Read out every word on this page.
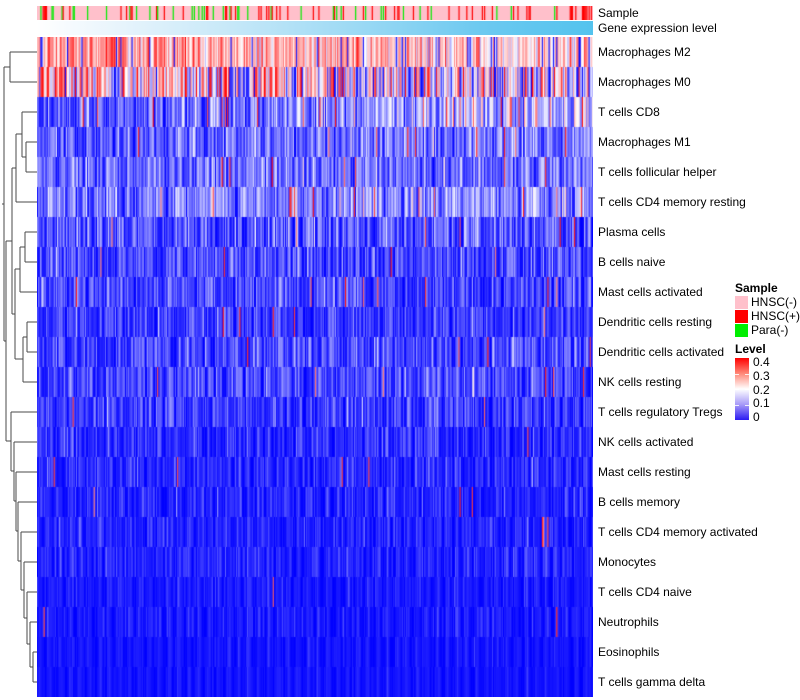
Sample
Gene expression level
Macrophages M2
Macrophages M0
T cells CD8
Macrophages M1
T cells follicular helper
T cells CD4 memory resting
Plasma cells
B cells naive
Mast cells activated
Dendritic cells resting
Dendritic cells activated
NK cells resting
T cells regulatory Tregs
NK cells activated
Mast cells resting
B cells memory
T cells CD4 memory activated
Monocytes
T cells CD4 naive
Neutrophils
Eosinophils
T cells gamma delta
Sample
HNSC(-)
HNSC(+)
Para(-)
Level
0.4
0.3
0.2
0.1
0
